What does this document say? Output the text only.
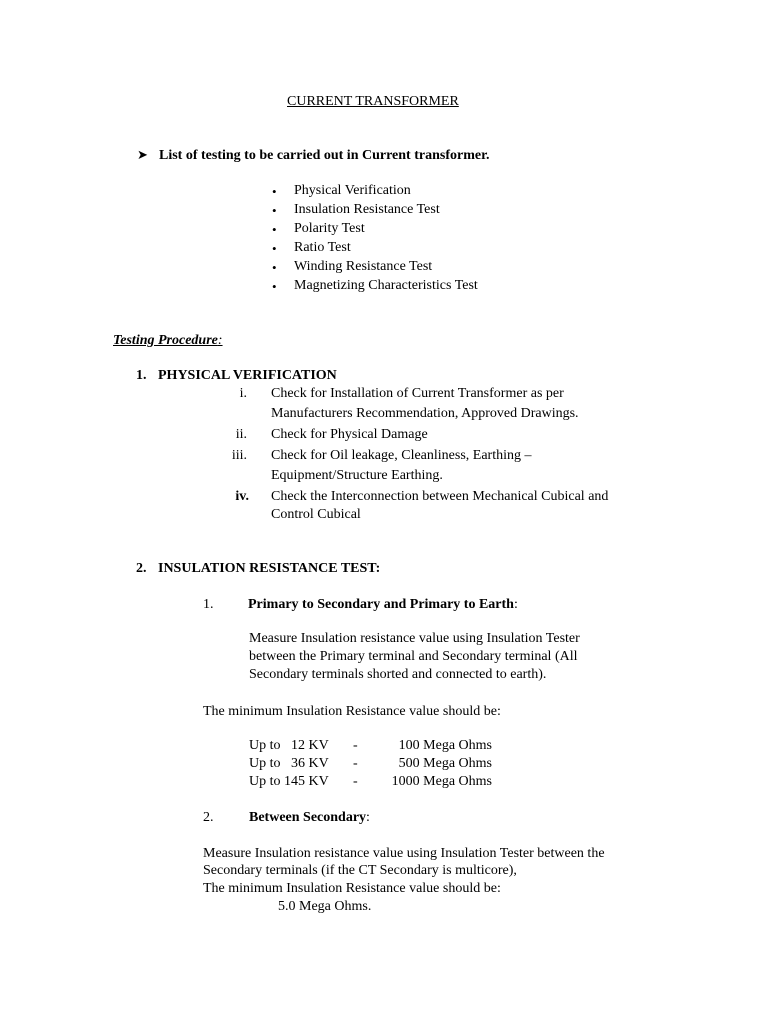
CURRENT TRANSFORMER
➤ List of testing to be carried out in Current transformer.
• Physical Verification
• Insulation Resistance Test
• Polarity Test
• Ratio Test
• Winding Resistance Test
• Magnetizing Characteristics Test
Testing Procedure:
1. PHYSICAL VERIFICATION
i. Check for Installation of Current Transformer as per
Manufacturers Recommendation, Approved Drawings.
ii. Check for Physical Damage
iii. Check for Oil leakage, Cleanliness, Earthing –
Equipment/Structure Earthing.
iv. Check the Interconnection between Mechanical Cubical and
Control Cubical
2. INSULATION RESISTANCE TEST:
1. Primary to Secondary and Primary to Earth:
Measure Insulation resistance value using Insulation Tester
between the Primary terminal and Secondary terminal (All
Secondary terminals shorted and connected to earth).
The minimum Insulation Resistance value should be:
Up to   12 KV -	100 Mega Ohms
Up to   36 KV -	500 Mega Ohms
Up to 145 KV -	1000 Mega Ohms
2.	Between Secondary:
Measure Insulation resistance value using Insulation Tester between the
Secondary terminals (if the CT Secondary is multicore),
The minimum Insulation Resistance value should be:
5.0 Mega Ohms.
